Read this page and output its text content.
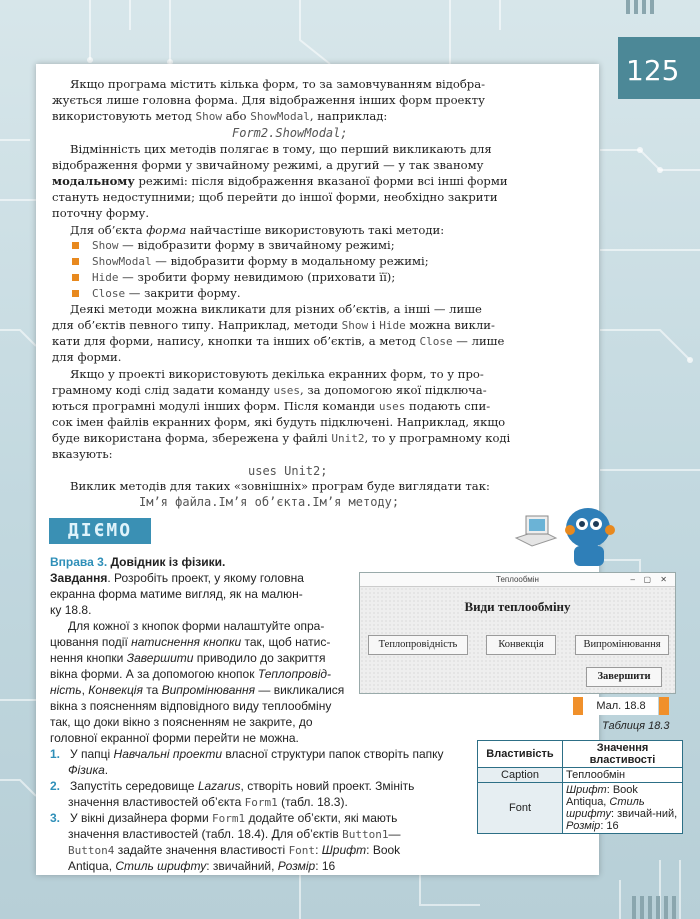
125
Якщо програма містить кілька форм, то за замовчуванням відобра-
жується лише головна форма. Для відображення інших форм проекту
використовують метод Show або ShowModal, наприклад:
Form2.ShowModal;
Відмінність цих методів полягає в тому, що перший викликають для
відображення форми у звичайному режимі, а другий — у так званому
модальному режимі: після відображення вказаної форми всі інші форми
стануть недоступними; щоб перейти до іншої форми, необхідно закрити
поточну форму.
Для об’єкта форма найчастіше використовують такі методи:
Show — відобразити форму в звичайному режимі;
ShowModal — відобразити форму в модальному режимі;
Hide — зробити форму невидимою (приховати її);
Close — закрити форму.
Деякі методи можна викликати для різних об’єктів, а інші — лише
для об’єктів певного типу. Наприклад, методи Show і Hide можна викли-
кати для форми, напису, кнопки та інших об’єктів, а метод Close — лише
для форми.
Якщо у проекті використовують декілька екранних форм, то у про-
грамному коді слід задати команду uses, за допомогою якої підключа-
ються програмні модулі інших форм. Після команди uses подають спи-
сок імен файлів екранних форм, які будуть підключені. Наприклад, якщо
буде використана форма, збережена у файлі Unit2, то у програмному коді
вказують:
uses Unit2;
Виклик методів для таких «зовнішніх» програм буде виглядати так:
Ім’я файла.Ім’я об’єкта.Ім’я методу;
ДІЄМО
Вправа 3. Довідник із фізики.
Завдання. Розробіть проект, у якому головна
екранна форма матиме вигляд, як на малюн-
ку 18.8.
Для кожної з кнопок форми налаштуйте опра-
цювання події натиснення кнопки так, щоб натис-
нення кнопки Завершити приводило до закриття
вікна форми. А за допомогою кнопок Теплопровід-
ність, Конвекція та Випромінювання — викликалися
вікна з поясненням відповідного виду теплообміну
так, що доки вікно з поясненням не закрите, до
головної екранної форми перейти не можна.
1. У папці Навчальні проекти власної структури папок створіть папку
Фізика.
2. Запустіть середовище Lazarus, створіть новий проект. Змініть
значення властивостей об’єкта Form1 (табл. 18.3).
3. У вікні дизайнера форми Form1 додайте об’єкти, які мають
значення властивостей (табл. 18.4). Для об’єктів Button1—
Button4 задайте значення властивості Font: Шрифт: Book
Antiqua, Стиль шрифту: звичайний, Розмір: 16
Теплообмін	– ▢ ✕
Види теплообміну
Теплопровідність	Конвекція	Випромінювання
Завершити
Мал. 18.8
Таблиця 18.3
Властивість	Значення властивості
Caption	Теплообмін
Font	Шрифт: Book Antiqua, Стиль шрифту: звичай-ний, Розмір: 16
